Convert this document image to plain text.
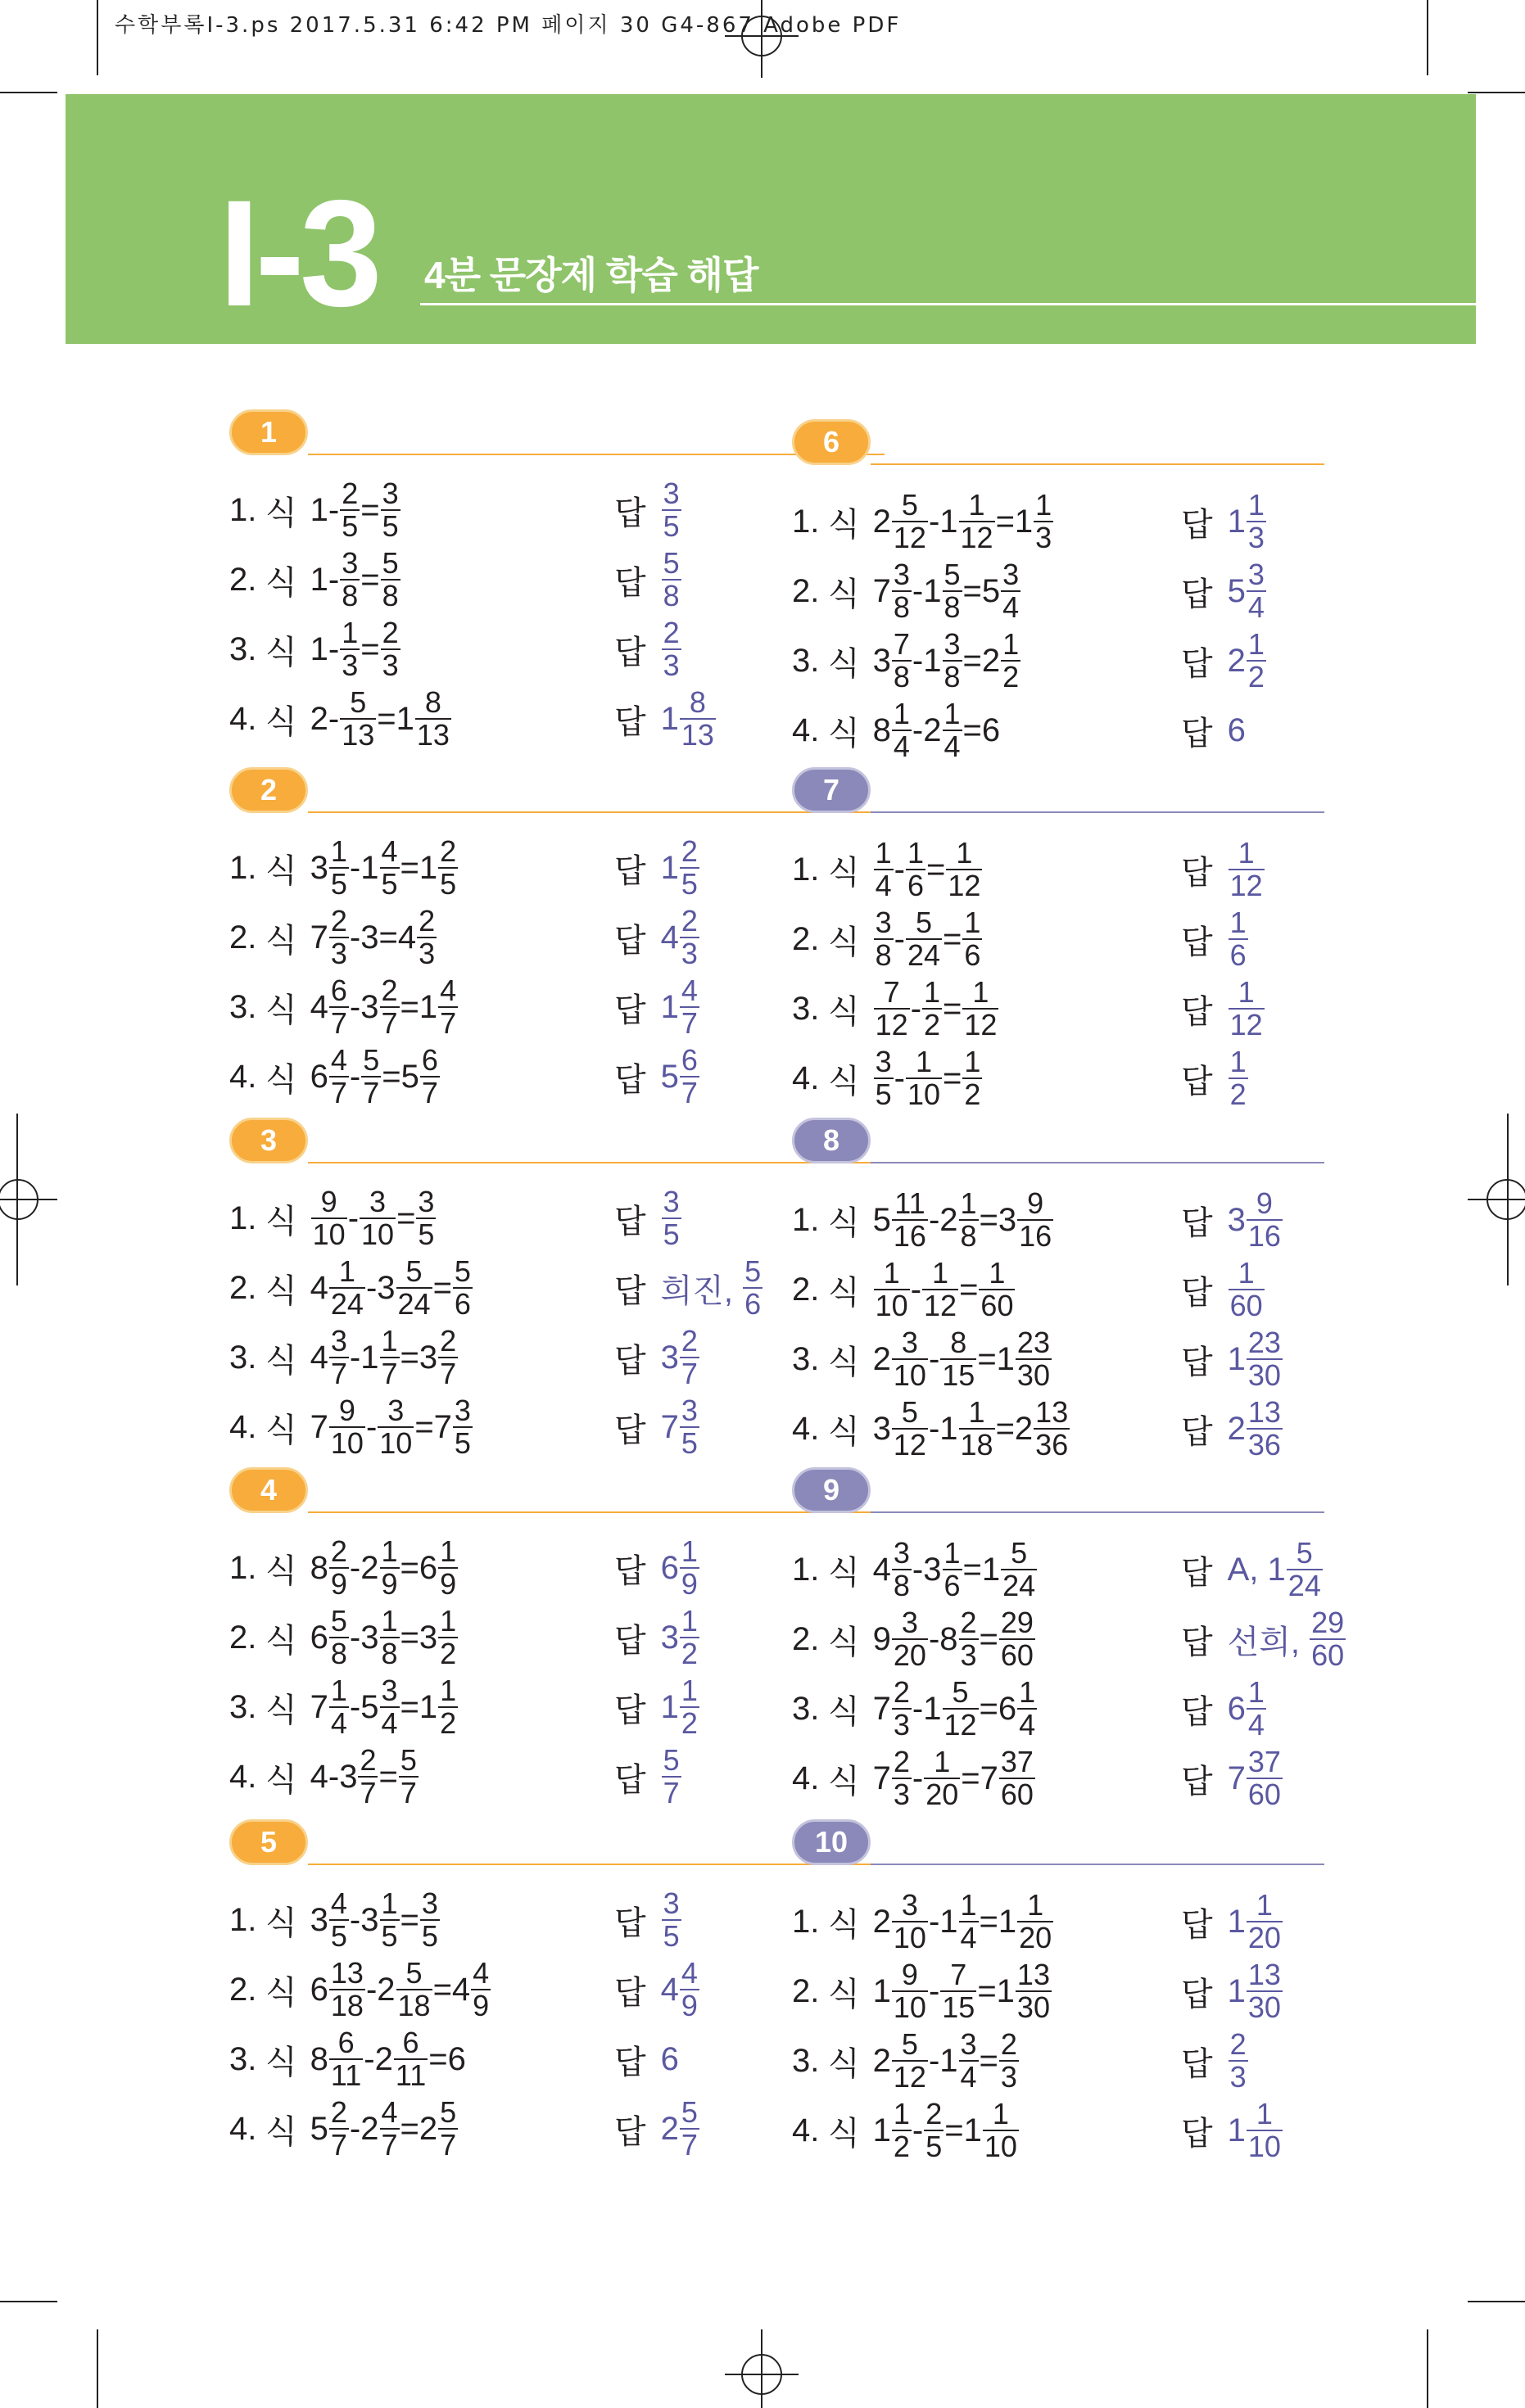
수학부록I-3.ps 2017.5.31 6:42 PM 페이지 30 G4-867 Adobe PDF
I-3 4분 문장제 학습 해답
1
1. 식 $1- \frac{2}{5} = \frac{3}{5}$	답 $\frac{3}{5}$
2. 식 $1- \frac{3}{8} = \frac{5}{8}$	답 $\frac{5}{8}$
3. 식 $1- \frac{1}{3} = \frac{2}{3}$	답 $\frac{2}{3}$
4. 식 $2- \frac{5}{13} =1 \frac{8}{13}$	답 $1 \frac{8}{13}$
2
1. 식 $3 \frac{1}{5} -1 \frac{4}{5} =1 \frac{2}{5}$	답 $1 \frac{2}{5}$
2. 식 $7 \frac{2}{3} -3=4 \frac{2}{3}$	답 $4 \frac{2}{3}$
3. 식 $4 \frac{6}{7} -3 \frac{2}{7} =1 \frac{4}{7}$	답 $1 \frac{4}{7}$
4. 식 $6 \frac{4}{7} - \frac{5}{7} =5 \frac{6}{7}$	답 $5 \frac{6}{7}$
3
1. 식 $\frac{9}{10} - \frac{3}{10} = \frac{3}{5}$	답 $\frac{3}{5}$
2. 식 $4 \frac{1}{24} -3 \frac{5}{24} = \frac{5}{6}$	답 희진, $\frac{5}{6}$
3. 식 $4 \frac{3}{7} -1 \frac{1}{7} =3 \frac{2}{7}$	답 $3 \frac{2}{7}$
4. 식 $7 \frac{9}{10} - \frac{3}{10} =7 \frac{3}{5}$	답 $7 \frac{3}{5}$
4
1. 식 $8 \frac{2}{9} -2 \frac{1}{9} =6 \frac{1}{9}$	답 $6 \frac{1}{9}$
2. 식 $6 \frac{5}{8} -3 \frac{1}{8} =3 \frac{1}{2}$	답 $3 \frac{1}{2}$
3. 식 $7 \frac{1}{4} -5 \frac{3}{4} =1 \frac{1}{2}$	답 $1 \frac{1}{2}$
4. 식 $4-3 \frac{2}{7} = \frac{5}{7}$	답 $\frac{5}{7}$
5
1. 식 $3 \frac{4}{5} -3 \frac{1}{5} = \frac{3}{5}$	답 $\frac{3}{5}$
2. 식 $6 \frac{13}{18} -2 \frac{5}{18} =4 \frac{4}{9}$	답 $4 \frac{4}{9}$
3. 식 $8 \frac{6}{11} -2 \frac{6}{11} =6$	답 6
4. 식 $5 \frac{2}{7} -2 \frac{4}{7} =2 \frac{5}{7}$	답 $2 \frac{5}{7}$
6
1. 식 $2 \frac{5}{12} -1 \frac{1}{12} =1 \frac{1}{3}$	답 $1 \frac{1}{3}$
2. 식 $7 \frac{3}{8} -1 \frac{5}{8} =5 \frac{3}{4}$	답 $5 \frac{3}{4}$
3. 식 $3 \frac{7}{8} -1 \frac{3}{8} =2 \frac{1}{2}$	답 $2 \frac{1}{2}$
4. 식 $8 \frac{1}{4} -2 \frac{1}{4} =6$	답 6
7
1. 식 $\frac{1}{4} - \frac{1}{6} = \frac{1}{12}$	답 $\frac{1}{12}$
2. 식 $\frac{3}{8} - \frac{5}{24} = \frac{1}{6}$	답 $\frac{1}{6}$
3. 식 $\frac{7}{12} - \frac{1}{2} = \frac{1}{12}$	답 $\frac{1}{12}$
4. 식 $\frac{3}{5} - \frac{1}{10} = \frac{1}{2}$	답 $\frac{1}{2}$
8
1. 식 $5 \frac{11}{16} -2 \frac{1}{8} =3 \frac{9}{16}$	답 $3 \frac{9}{16}$
2. 식 $\frac{1}{10} - \frac{1}{12} = \frac{1}{60}$	답 $\frac{1}{60}$
3. 식 $2 \frac{3}{10} - \frac{8}{15} =1 \frac{23}{30}$	답 $1 \frac{23}{30}$
4. 식 $3 \frac{5}{12} -1 \frac{1}{18} =2 \frac{13}{36}$	답 $2 \frac{13}{36}$
9
1. 식 $4 \frac{3}{8} -3 \frac{1}{6} =1 \frac{5}{24}$	답 A, $1 \frac{5}{24}$
2. 식 $9 \frac{3}{20} -8 \frac{2}{3} = \frac{29}{60}$	답 선희, $\frac{29}{60}$
3. 식 $7 \frac{2}{3} -1 \frac{5}{12} =6 \frac{1}{4}$	답 $6 \frac{1}{4}$
4. 식 $7 \frac{2}{3} - \frac{1}{20} =7 \frac{37}{60}$	답 $7 \frac{37}{60}$
10
1. 식 $2 \frac{3}{10} -1 \frac{1}{4} =1 \frac{1}{20}$	답 $1 \frac{1}{20}$
2. 식 $1 \frac{9}{10} - \frac{7}{15} =1 \frac{13}{30}$	답 $1 \frac{13}{30}$
3. 식 $2 \frac{5}{12} -1 \frac{3}{4} = \frac{2}{3}$	답 $\frac{2}{3}$
4. 식 $1 \frac{1}{2} - \frac{2}{5} =1 \frac{1}{10}$	답 $1 \frac{1}{10}$
